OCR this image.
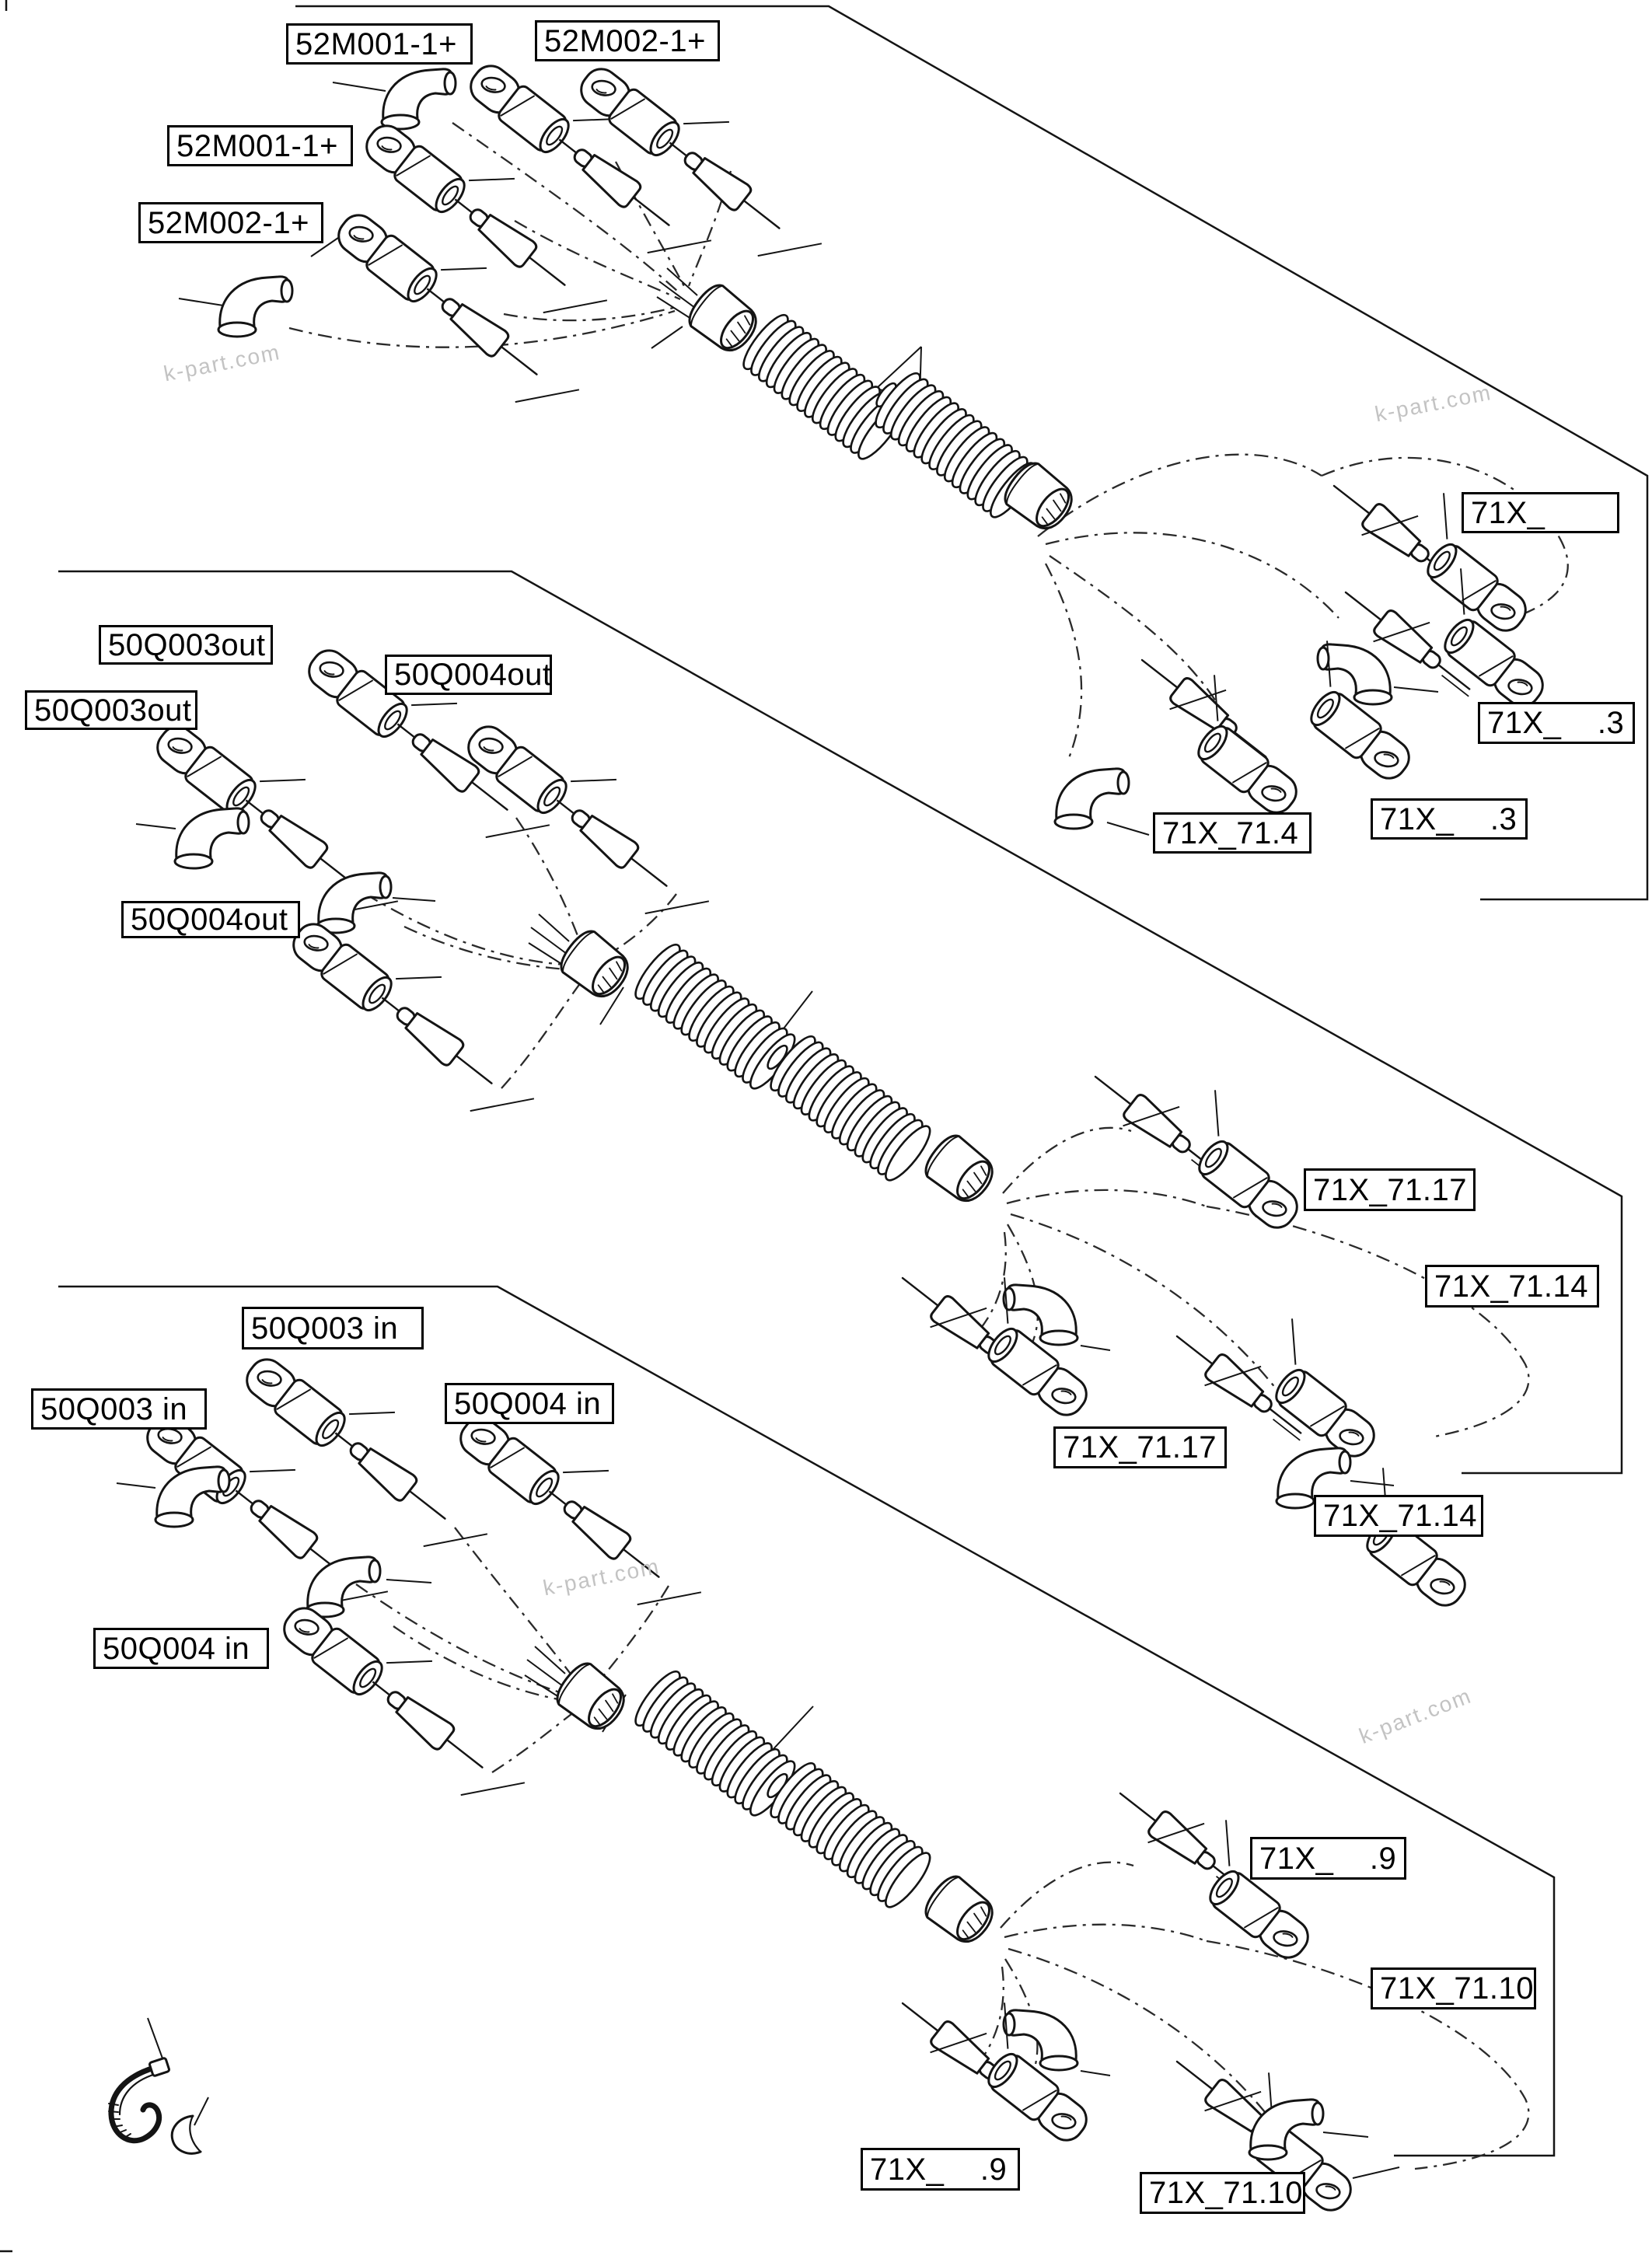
52M001-1+	52M002-1+
52M001-1+
52M002-1+
71X_
71X_    .3
71X_71.4	71X_    .3
50Q003out
50Q004out
50Q003out
50Q004out
71X_71.17
71X_71.14
71X_71.17
71X_71.14
50Q003 in
50Q003 in	50Q004 in
50Q004 in
71X_    .9
71X_71.10
71X_    .9
71X_71.10
k-part.com
k-part.com
k-part.com
k-part.com
